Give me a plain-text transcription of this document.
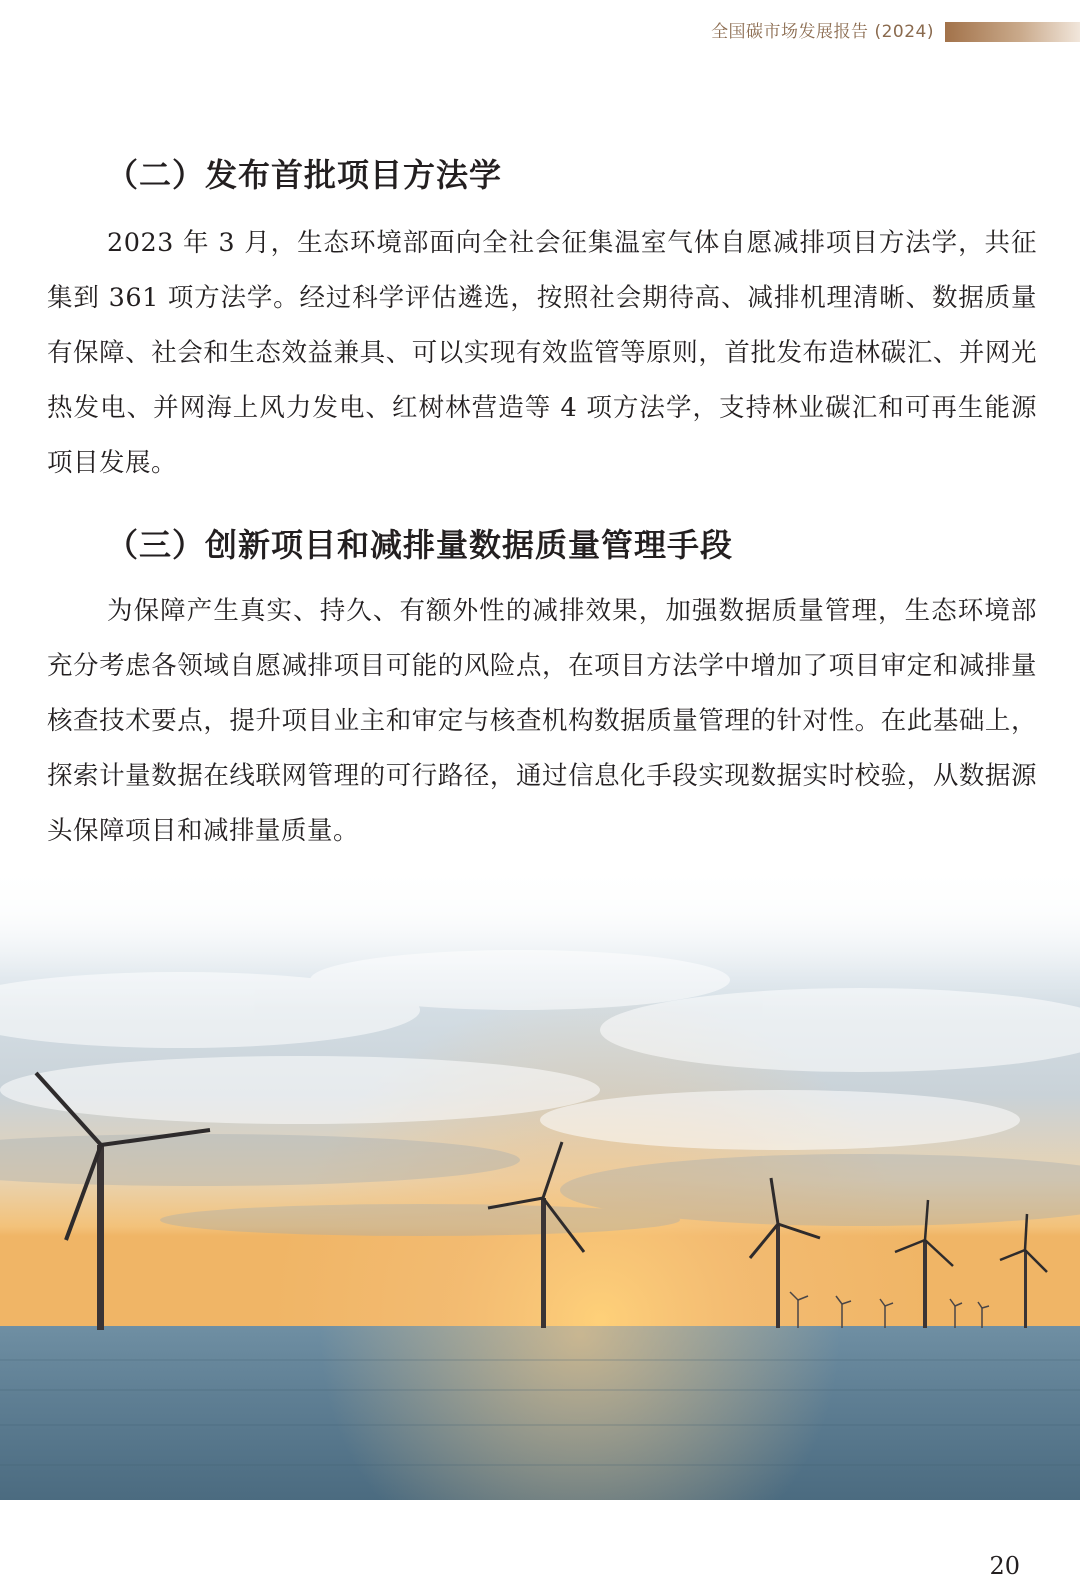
全国碳市场发展报告 (2024)
（二）发布首批项目方法学

2023 年 3 月，生态环境部面向全社会征集温室气体自愿减排项目方法学，共征集到 361 项方法学。经过科学评估遴选，按照社会期待高、减排机理清晰、数据质量有保障、社会和生态效益兼具、可以实现有效监管等原则，首批发布造林碳汇、并网光热发电、并网海上风力发电、红树林营造等 4 项方法学，支持林业碳汇和可再生能源项目发展。

（三）创新项目和减排量数据质量管理手段

为保障产生真实、持久、有额外性的减排效果，加强数据质量管理，生态环境部充分考虑各领域自愿减排项目可能的风险点，在项目方法学中增加了项目审定和减排量核查技术要点，提升项目业主和审定与核查机构数据质量管理的针对性。在此基础上，探索计量数据在线联网管理的可行路径，通过信息化手段实现数据实时校验，从数据源头保障项目和减排量质量。

20
